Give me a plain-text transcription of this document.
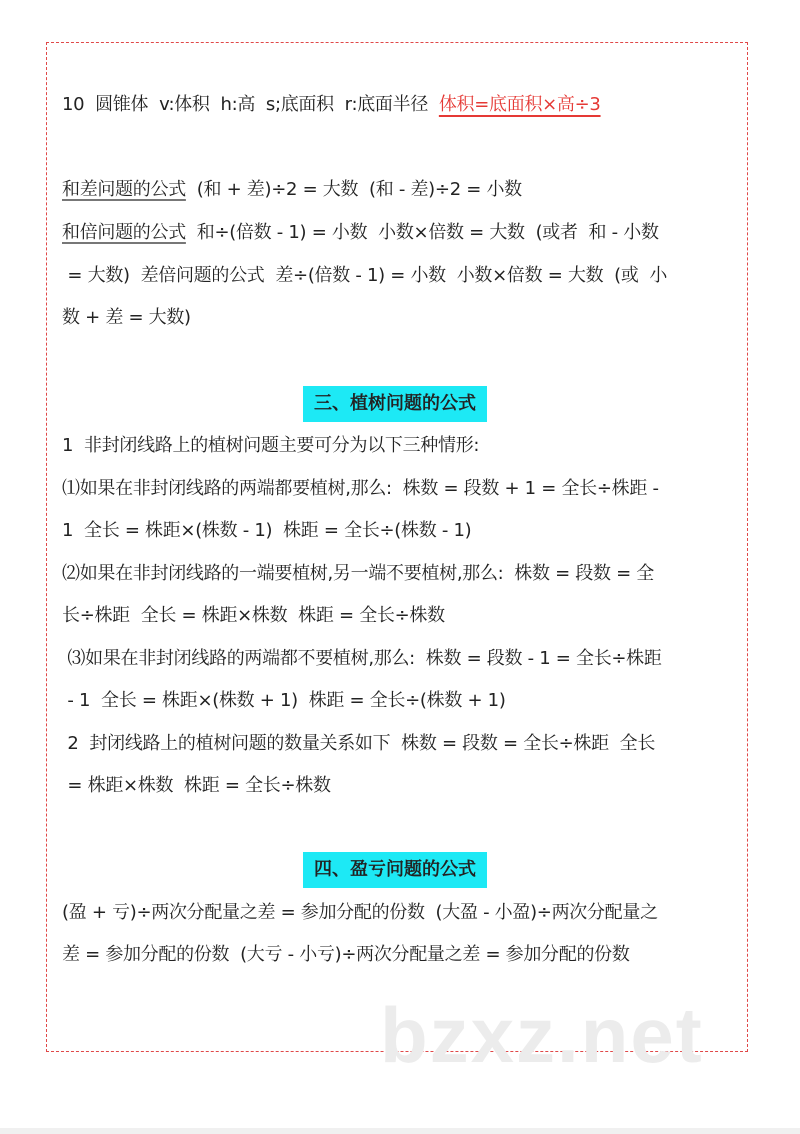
10  圆锥体  v:体积  h:高  s;底面积  r:底面半径  体积=底面积×高÷3
和差问题的公式  (和 + 差)÷2 = 大数  (和 - 差)÷2 = 小数
和倍问题的公式  和÷(倍数 - 1) = 小数  小数×倍数 = 大数  (或者  和 - 小数
= 大数)  差倍问题的公式  差÷(倍数 - 1) = 小数  小数×倍数 = 大数  (或  小
数 + 差 = 大数)
三、植树问题的公式
1  非封闭线路上的植树问题主要可分为以下三种情形:
⑴如果在非封闭线路的两端都要植树,那么:  株数 = 段数 + 1 = 全长÷株距 -
1  全长 = 株距×(株数 - 1)  株距 = 全长÷(株数 - 1)
⑵如果在非封闭线路的一端要植树,另一端不要植树,那么:  株数 = 段数 = 全
长÷株距  全长 = 株距×株数  株距 = 全长÷株数
⑶如果在非封闭线路的两端都不要植树,那么:  株数 = 段数 - 1 = 全长÷株距
- 1  全长 = 株距×(株数 + 1)  株距 = 全长÷(株数 + 1)
2  封闭线路上的植树问题的数量关系如下  株数 = 段数 = 全长÷株距  全长
= 株距×株数  株距 = 全长÷株数
四、盈亏问题的公式
(盈 + 亏)÷两次分配量之差 = 参加分配的份数  (大盈 - 小盈)÷两次分配量之
差 = 参加分配的份数  (大亏 - 小亏)÷两次分配量之差 = 参加分配的份数
bzxz.net
